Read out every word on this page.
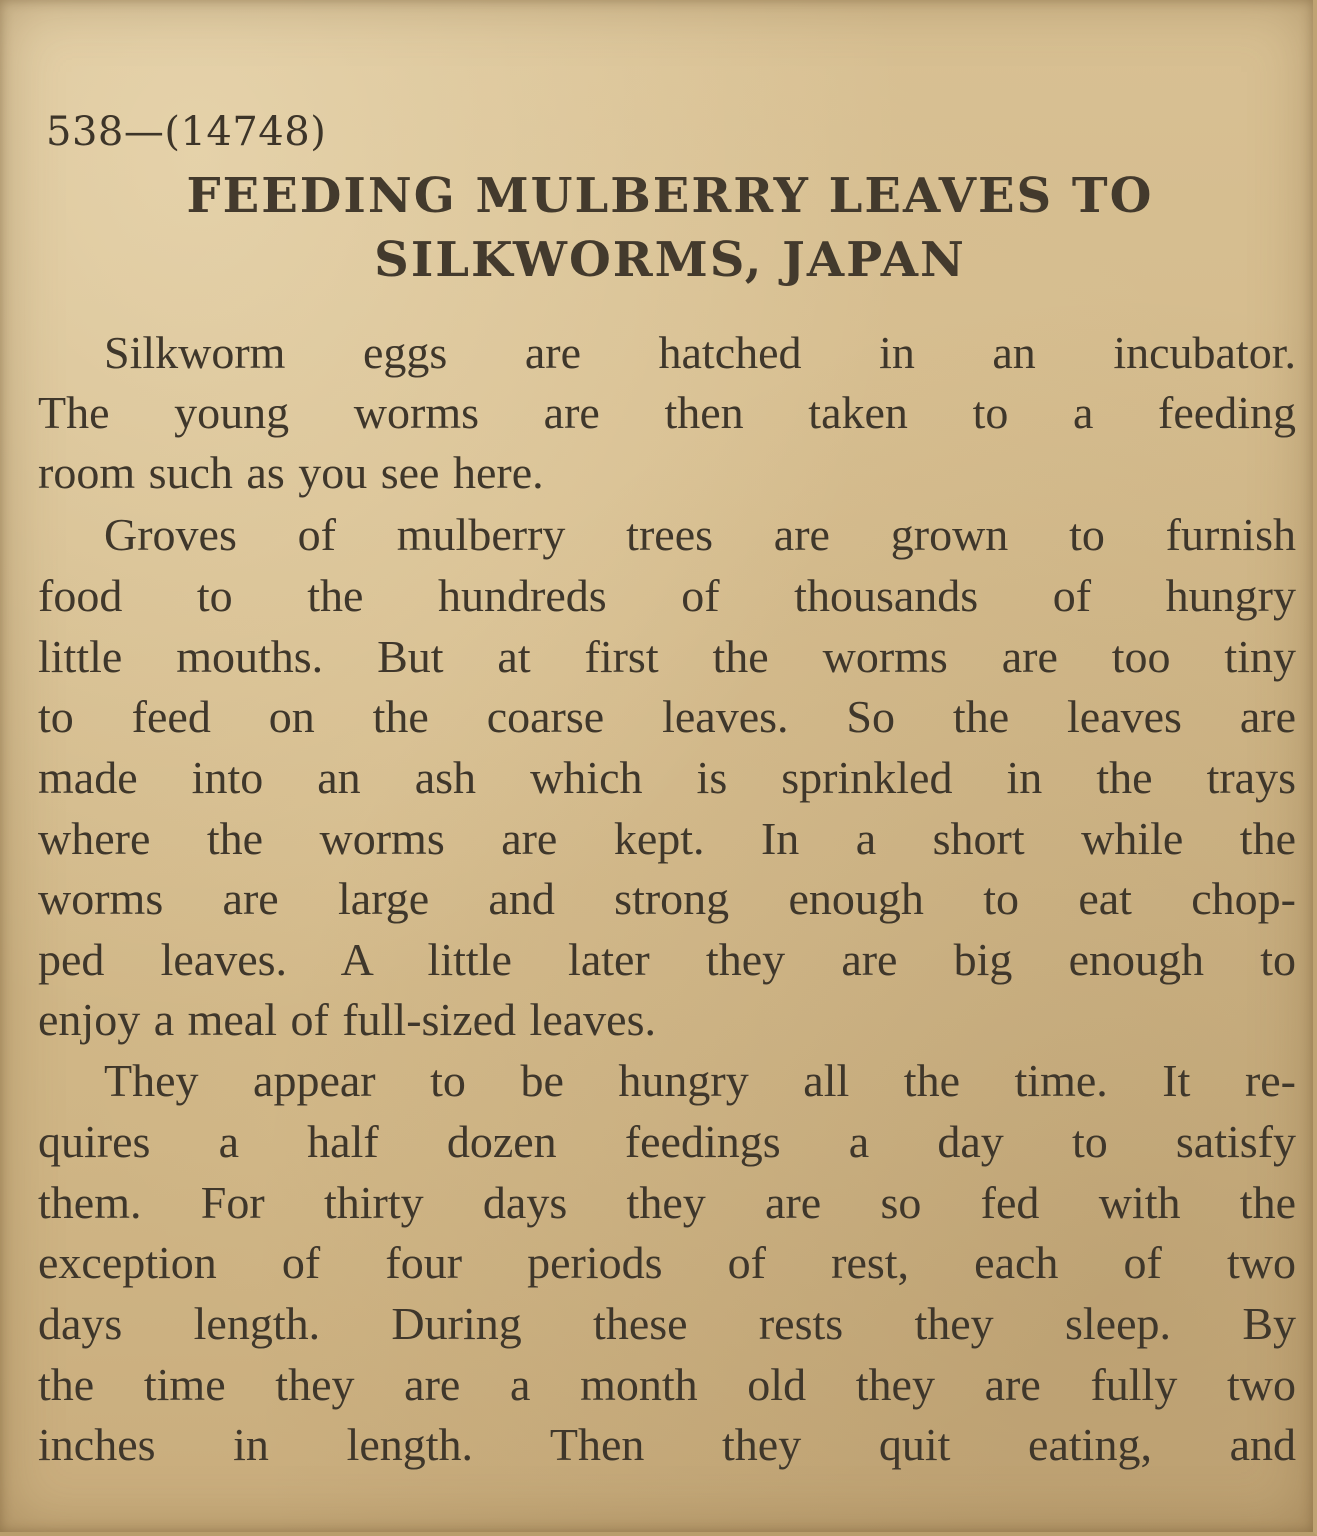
538—(14748)

FEEDING MULBERRY LEAVES TO
SILKWORMS, JAPAN

Silkworm eggs are hatched in an incubator.

The young worms are then taken to a feeding

room such as you see here.

Groves of mulberry trees are grown to furnish

food to the hundreds of thousands of hungry

little mouths. But at first the worms are too tiny

to feed on the coarse leaves. So the leaves are

made into an ash which is sprinkled in the trays

where the worms are kept. In a short while the

worms are large and strong enough to eat chop-

ped leaves. A little later they are big enough to

enjoy a meal of full-sized leaves.

They appear to be hungry all the time. It re-

quires a half dozen feedings a day to satisfy

them. For thirty days they are so fed with the

exception of four periods of rest, each of two

days length. During these rests they sleep. By

the time they are a month old they are fully two

inches in length. Then they quit eating, and
